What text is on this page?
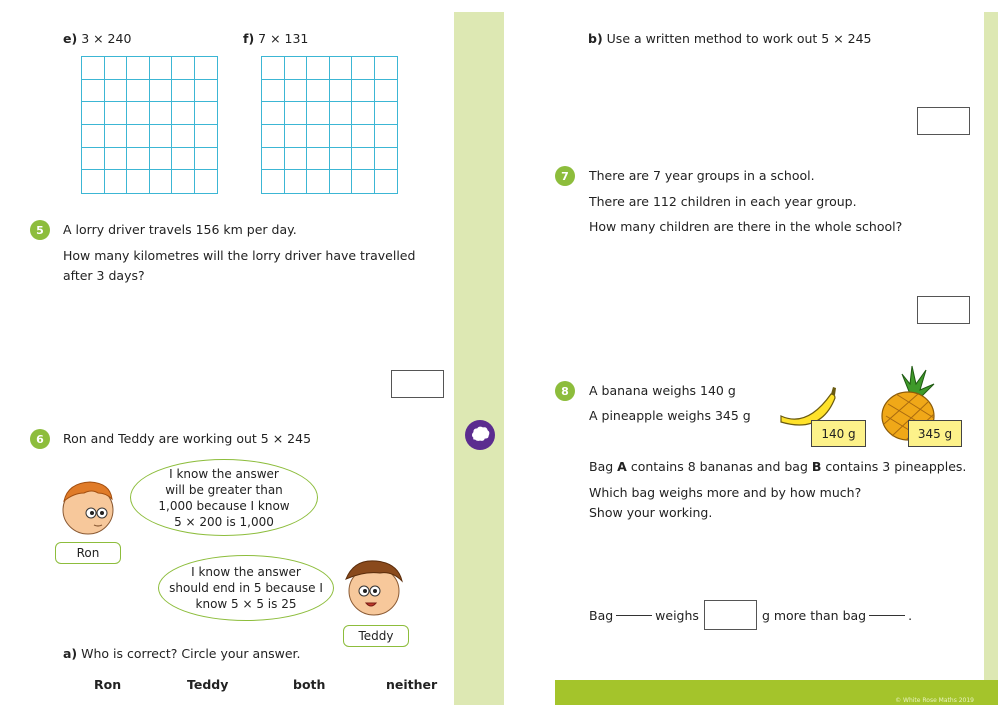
e) 3 × 240	f) 7 × 131
5	A lorry driver travels 156 km per day.
How many kilometres will the lorry driver have travelled
after 3 days?
6	Ron and Teddy are working out 5 × 245
I know the answer
will be greater than
1,000 because I know
5 × 200 is 1,000
Ron
I know the answer
should end in 5 because I
know 5 × 5 is 25
Teddy
a) Who is correct? Circle your answer.
Ron	Teddy	both	neither
b) Use a written method to work out 5 × 245
7	There are 7 year groups in a school.
There are 112 children in each year group.
How many children are there in the whole school?
8	A banana weighs 140 g
A pineapple weighs 345 g
140 g	345 g
Bag A contains 8 bananas and bag B contains 3 pineapples.
Which bag weighs more and by how much?
Show your working.
Bag	weighs	g more than bag	.
© White Rose Maths 2019
